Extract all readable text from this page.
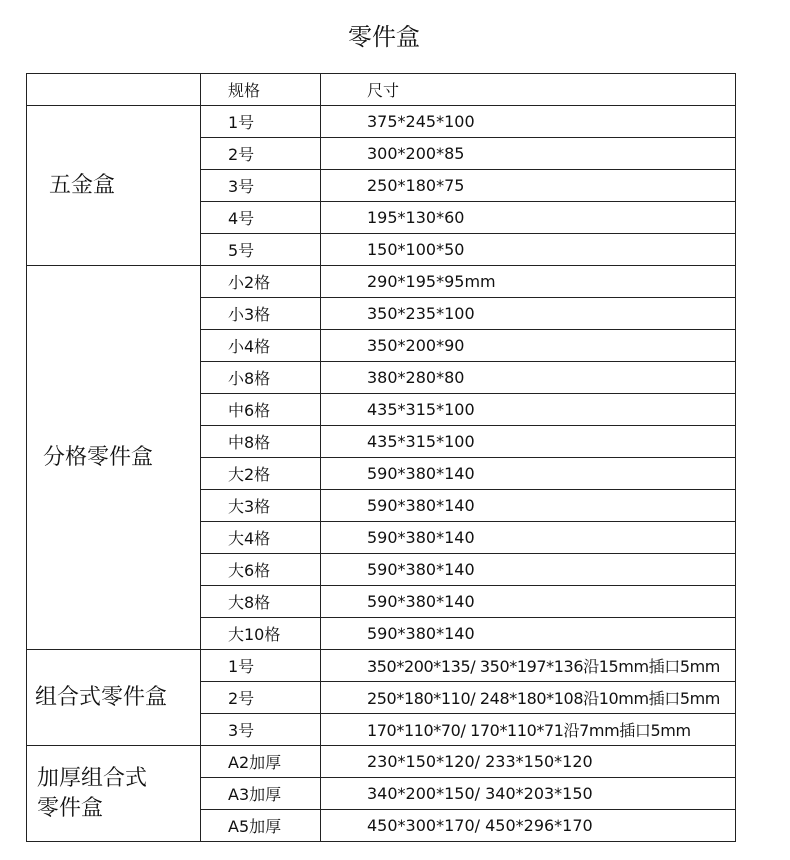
零件盒
	规格	尺寸
五金盒	1号	375*245*100
	2号	300*200*85
	3号	250*180*75
	4号	195*130*60
	5号	150*100*50
分格零件盒	小2格	290*195*95mm
	小3格	350*235*100
	小4格	350*200*90
	小8格	380*280*80
	中6格	435*315*100
	中8格	435*315*100
	大2格	590*380*140
	大3格	590*380*140
	大4格	590*380*140
	大6格	590*380*140
	大8格	590*380*140
	大10格	590*380*140
组合式零件盒	1号	350*200*135/ 350*197*136沿15mm插口5mm
	2号	250*180*110/ 248*180*108沿10mm插口5mm
	3号	170*110*70/ 170*110*71沿7mm插口5mm

加厚组合式
零件盒	A2加厚	230*150*120/ 233*150*120
	A3加厚	340*200*150/ 340*203*150
	A5加厚	450*300*170/ 450*296*170
